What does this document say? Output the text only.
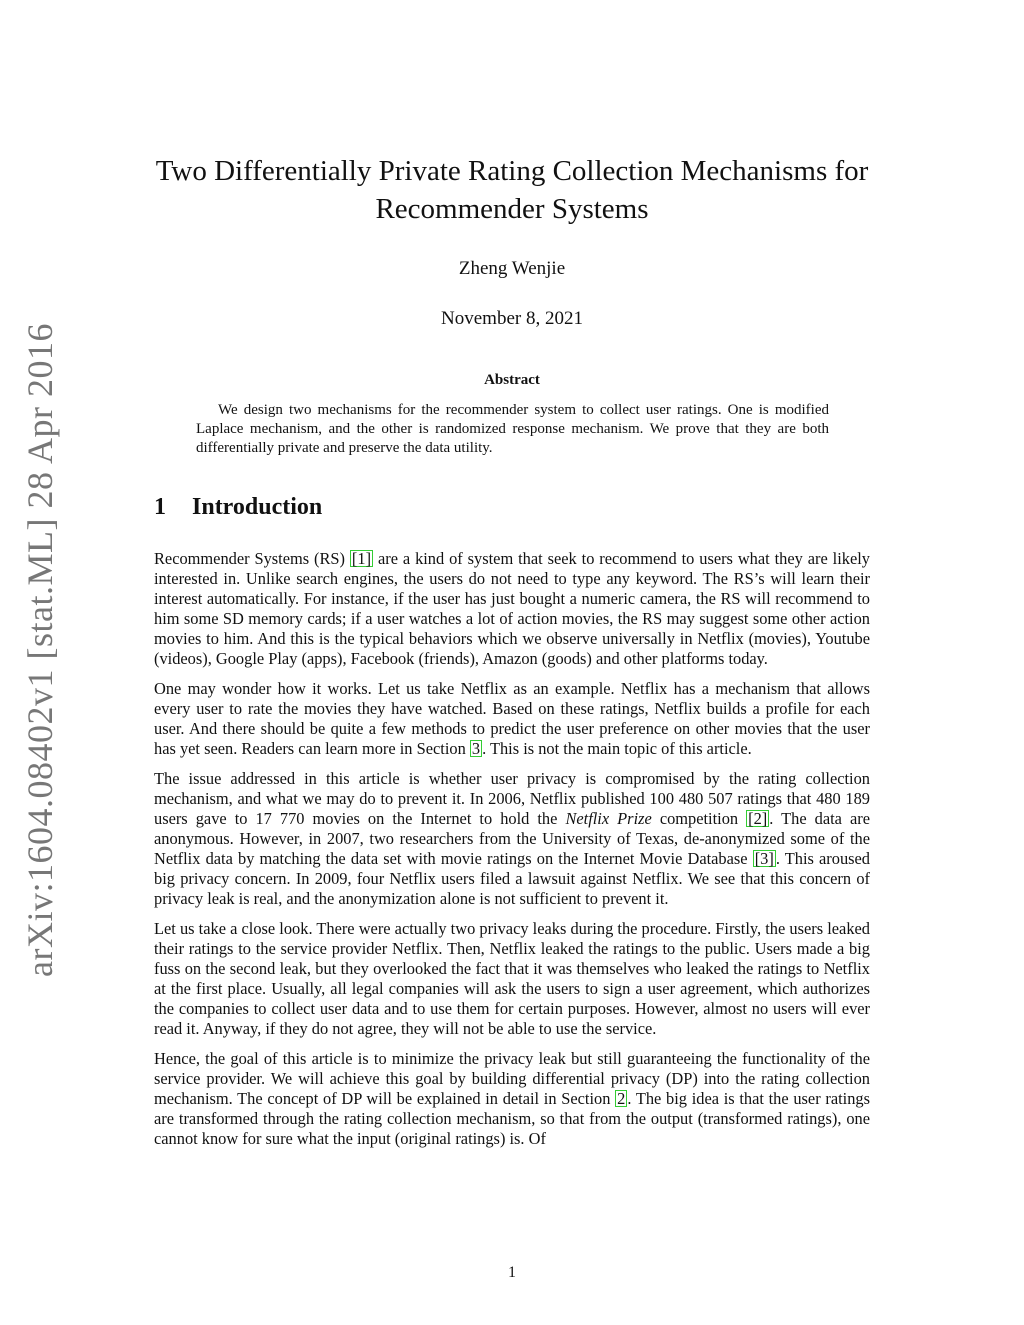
arXiv:1604.08402v1 [stat.ML] 28 Apr 2016
Two Differentially Private Rating Collection Mechanisms for
Recommender Systems
Zheng Wenjie
November 8, 2021
Abstract

We design two mechanisms for the recommender system to collect user ratings. One is modified Laplace mechanism, and the other is randomized response mechanism. We prove that they are both differentially private and preserve the data utility.

1 Introduction

Recommender Systems (RS) [1] are a kind of system that seek to recommend to users what they are likely interested in. Unlike search engines, the users do not need to type any keyword. The RS’s will learn their interest automatically. For instance, if the user has just bought a numeric camera, the RS will recommend to him some SD memory cards; if a user watches a lot of action movies, the RS may suggest some other action movies to him. And this is the typical behaviors which we observe universally in Netflix (movies), Youtube (videos), Google Play (apps), Facebook (friends), Amazon (goods) and other platforms today.

One may wonder how it works. Let us take Netflix as an example. Netflix has a mechanism that allows every user to rate the movies they have watched. Based on these ratings, Netflix builds a profile for each user. And there should be quite a few methods to predict the user preference on other movies that the user has yet seen. Readers can learn more in Section 3 . This is not the main topic of this article.

The issue addressed in this article is whether user privacy is compromised by the rating collection mechanism, and what we may do to prevent it. In 2006, Netflix published 100 480 507 ratings that 480 189 users gave to 17 770 movies on the Internet to hold the Netflix Prize competition [2] . The data are anonymous. However, in 2007, two researchers from the University of Texas, de-anonymized some of the Netflix data by matching the data set with movie ratings on the Internet Movie Database [3] . This aroused big privacy concern. In 2009, four Netflix users filed a lawsuit against Netflix. We see that this concern of privacy leak is real, and the anonymization alone is not sufficient to prevent it.

Let us take a close look. There were actually two privacy leaks during the procedure. Firstly, the users leaked their ratings to the service provider Netflix. Then, Netflix leaked the ratings to the public. Users made a big fuss on the second leak, but they overlooked the fact that it was themselves who leaked the ratings to Netflix at the first place. Usually, all legal companies will ask the users to sign a user agreement, which authorizes the companies to collect user data and to use them for certain purposes. However, almost no users will ever read it. Anyway, if they do not agree, they will not be able to use the service.

Hence, the goal of this article is to minimize the privacy leak but still guaranteeing the functionality of the service provider. We will achieve this goal by building differential privacy (DP) into the rating collection mechanism. The concept of DP will be explained in detail in Section 2 . The big idea is that the user ratings are transformed through the rating collection mechanism, so that from the output (transformed ratings), one cannot know for sure what the input (original ratings) is. Of

1
